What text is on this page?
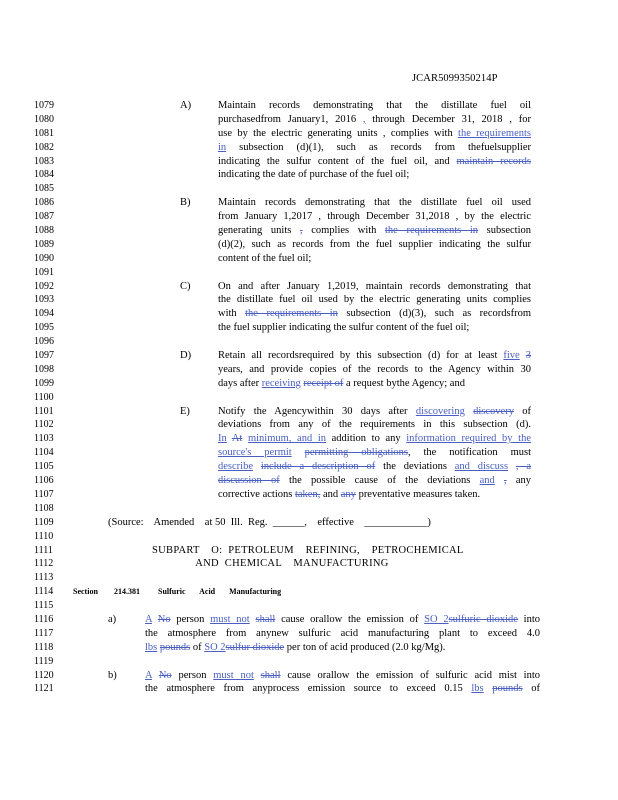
JCAR5099350214P
1079	A)	Maintain records demonstrating that the distillate fuel oil
1080	purchasedfrom January1, 2016 , through December 31, 2018 , for
1081	use by the electric generating units , complies with the requirements
1082	in subsection (d)(1), such as records from thefuelsupplier
1083	indicating the sulfur content of the fuel oil, and maintain records
1084	indicating the date of purchase of the fuel oil;
1085
1086	B)	Maintain records demonstrating that the distillate fuel oil used
1087	from January 1,2017 , through December 31,2018 , by the electric
1088	generating units , complies with the requirements in subsection
1089	(d)(2), such as records from the fuel supplier indicating the sulfur
1090	content of the fuel oil;
1091
1092	C)	On and after January 1,2019, maintain records demonstrating that
1093	the distillate fuel oil used by the electric generating units complies
1094	with the requirements in subsection (d)(3), such as recordsfrom
1095	the fuel supplier indicating the sulfur content of the fuel oil;
1096
1097	D)	Retain all recordsrequired by this subsection (d) for at least five 3
1098	years, and provide copies of the records to the Agency within 30
1099	days after receiving receipt of a request bythe Agency; and
1100
1101	E)	Notify the Agencywithin 30 days after discovering discovery of
1102	deviations from any of the requirements in this subsection (d).
1103	In At minimum, and in addition to any information required by the
1104	source's permit permitting obligations, the notification must
1105	describe include a description of the deviations and discuss , a
1106	discussion of the possible cause of the deviations and , any
1107	corrective actions taken, and any preventative measures taken.
1108
1109	(Source:    Amended    at 50  Ill.  Reg.  ______,    effective    ____________)
1110
1111	SUBPART    O:  PETROLEUM    REFINING,    PETROCHEMICAL
1112	AND  CHEMICAL    MANUFACTURING
1113
1114	Section 214.381 Sulfuric Acid Manufacturing
1115
1116	a)	A No person must not shall cause orallow the emission of SO 2sulfuric dioxide into
1117	the atmosphere from anynew sulfuric acid manufacturing plant to exceed 4.0
1118	lbs pounds of SO 2sulfur dioxide per ton of acid produced (2.0 kg/Mg).
1119
1120	b)	A No person must not shall cause orallow the emission of sulfuric acid mist into
1121	the atmosphere from anyprocess emission source to exceed 0.15 lbs pounds of
